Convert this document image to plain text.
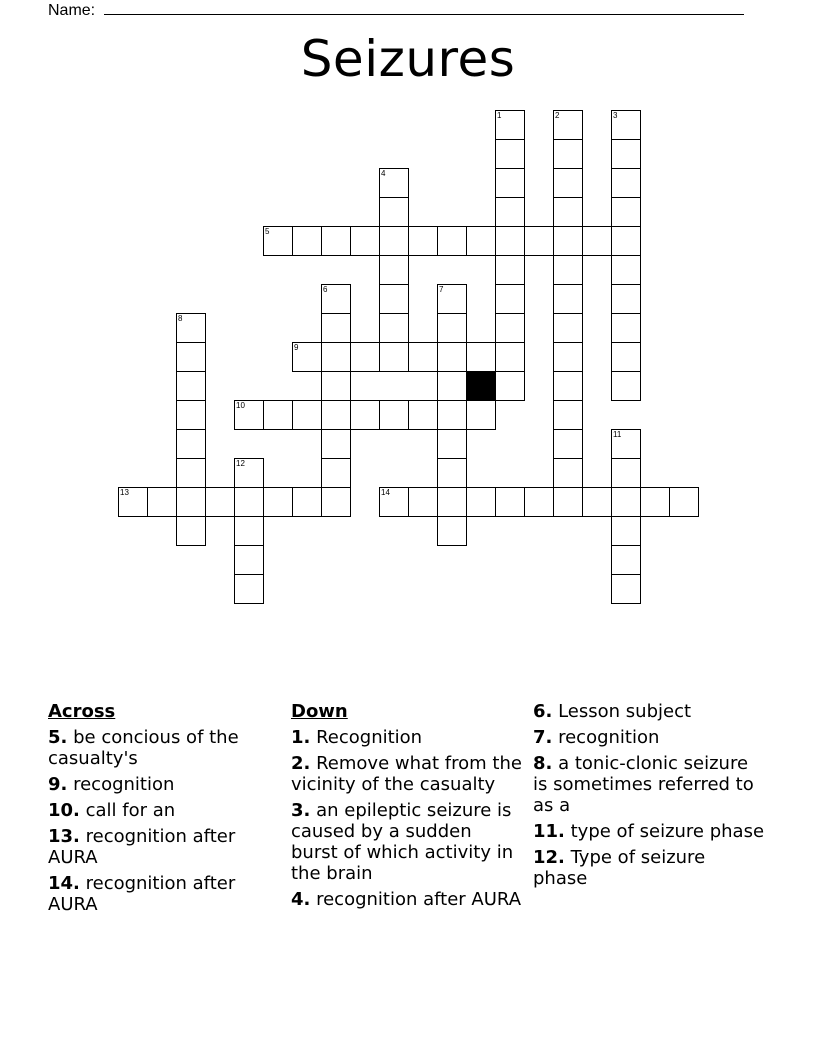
Name:
Seizures
1	2	3
4
5
6	7
8
9
10
11
12
13	14
Across
5. be concious of the casualty's
9. recognition
10. call for an
13. recognition after AURA
14. recognition after AURA
Down
1. Recognition
2. Remove what from the vicinity of the casualty
3. an epileptic seizure is caused by a sudden burst of which activity in the brain
4. recognition after AURA
6. Lesson subject
7. recognition
8. a tonic-clonic seizure is sometimes referred to as a
11. type of seizure phase
12. Type of seizure phase
